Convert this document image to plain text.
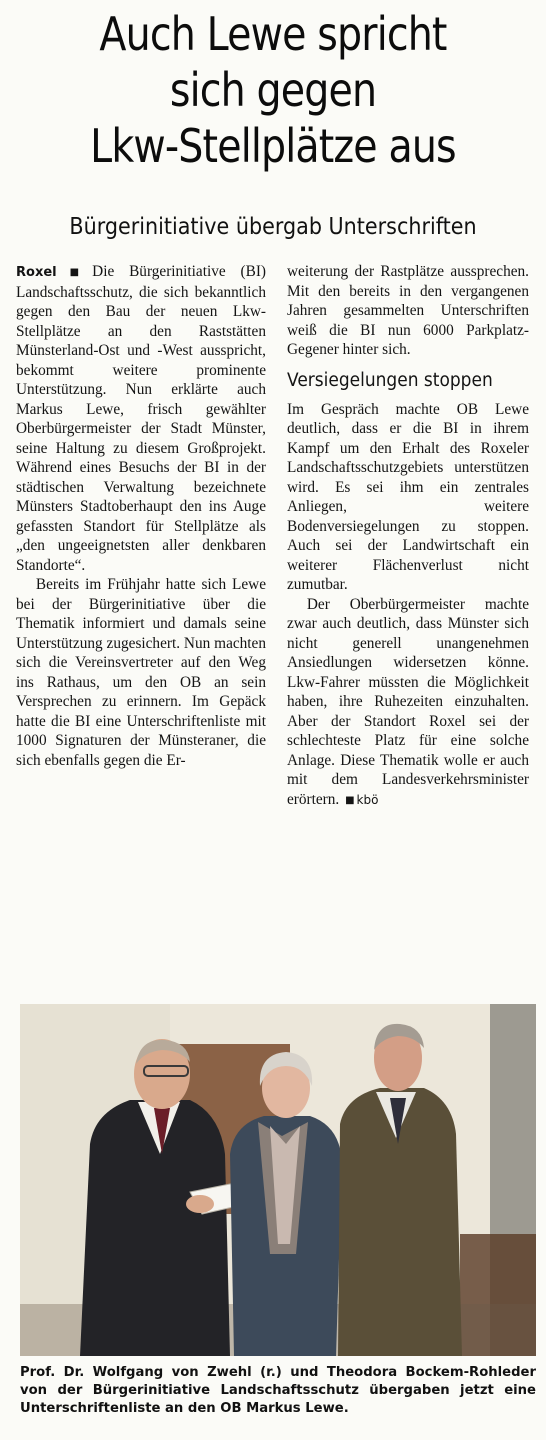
Auch Lewe spricht
sich gegen
Lkw-Stellplätze aus
Bürgerinitiative übergab Unterschriften

Roxel ■ Die Bürgerinitiative (BI) Landschaftsschutz, die sich bekanntlich gegen den Bau der neuen Lkw-Stellplätze an den Raststätten Münsterland-Ost und -West ausspricht, bekommt weitere prominente Unterstützung. Nun erklärte auch Markus Lewe, frisch gewählter Oberbürgermeister der Stadt Münster, seine Haltung zu diesem Großprojekt. Während eines Besuchs der BI in der städtischen Verwaltung bezeichnete Münsters Stadtoberhaupt den ins Auge gefassten Standort für Stellplätze als „den ungeeignetsten aller denkbaren Standorte“.

Bereits im Frühjahr hatte sich Lewe bei der Bürgerinitiative über die Thematik informiert und damals seine Unterstützung zugesichert. Nun machten sich die Vereinsvertreter auf den Weg ins Rathaus, um den OB an sein Versprechen zu erinnern. Im Gepäck hatte die BI eine Unterschriftenliste mit 1000 Signaturen der Münsteraner, die sich ebenfalls gegen die Er-

weiterung der Rastplätze aussprechen. Mit den bereits in den vergangenen Jahren gesammelten Unterschriften weiß die BI nun 6000 Parkplatz-Gegener hinter sich.

Versiegelungen stoppen

Im Gespräch machte OB Lewe deutlich, dass er die BI in ihrem Kampf um den Erhalt des Roxeler Landschaftsschutzgebiets unterstützen wird. Es sei ihm ein zentrales Anliegen, weitere Bodenversiegelungen zu stoppen. Auch sei der Landwirtschaft ein weiterer Flächenverlust nicht zumutbar.

Der Oberbürgermeister machte zwar auch deutlich, dass Münster sich nicht generell unangenehmen Ansiedlungen widersetzen könne. Lkw-Fahrer müssten die Möglichkeit haben, ihre Ruhezeiten einzuhalten. Aber der Standort Roxel sei der schlechteste Platz für eine solche Anlage. Diese Thematik wolle er auch mit dem Landesverkehrsminister erörtern. ■ kbö

Prof. Dr. Wolfgang von Zwehl (r.) und Theodora Bockem-Rohleder von der Bürgerinitiative Landschaftsschutz übergaben jetzt eine Unterschriftenliste an den OB Markus Lewe.
